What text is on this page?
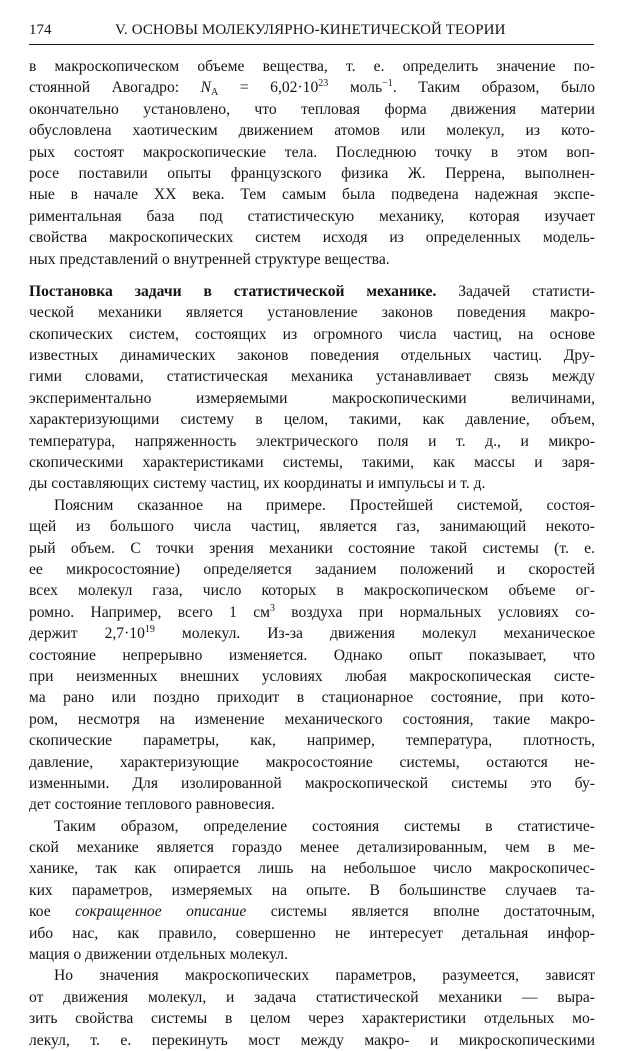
174	V. ОСНОВЫ МОЛЕКУЛЯРНО-КИНЕТИЧЕСКОЙ ТЕОРИИ
в макроскопическом объеме вещества, т. е. определить значение по-
стоянной Авогадро: $N_A = 6,02\cdot 10^{23}$ моль$^{-1}$. Таким образом, было
окончательно установлено, что тепловая форма движения материи
обусловлена хаотическим движением атомов или молекул, из кото-
рых состоят макроскопические тела. Последнюю точку в этом воп-
росе поставили опыты французского физика Ж. Перрена, выполнен-
ные в начале XX века. Тем самым была подведена надежная экспе-
риментальная база под статистическую механику, которая изучает
свойства макроскопических систем исходя из определенных модель-
ных представлений о внутренней структуре вещества.
Постановка задачи в статистической механике. Задачей статисти-
ческой механики является установление законов поведения макро-
скопических систем, состоящих из огромного числа частиц, на основе
известных динамических законов поведения отдельных частиц. Дру-
гими словами, статистическая механика устанавливает связь между
экспериментально измеряемыми макроскопическими величинами,
характеризующими систему в целом, такими, как давление, объем,
температура, напряженность электрического поля и т. д., и микро-
скопическими характеристиками системы, такими, как массы и заря-
ды составляющих систему частиц, их координаты и импульсы и т. д.
Поясним сказанное на примере. Простейшей системой, состоя-
щей из большого числа частиц, является газ, занимающий некото-
рый объем. С точки зрения механики состояние такой системы (т. е.
ее микросостояние) определяется заданием положений и скоростей
всех молекул газа, число которых в макроскопическом объеме ог-
ромно. Например, всего 1 $см^3$ воздуха при нормальных условиях со-
держит $2,7\cdot 10^{19}$ молекул. Из-за движения молекул механическое
состояние непрерывно изменяется. Однако опыт показывает, что
при неизменных внешних условиях любая макроскопическая систе-
ма рано или поздно приходит в стационарное состояние, при кото-
ром, несмотря на изменение механического состояния, такие макро-
скопические параметры, как, например, температура, плотность,
давление, характеризующие макросостояние системы, остаются не-
изменными. Для изолированной макроскопической системы это бу-
дет состояние теплового равновесия.
Таким образом, определение состояния системы в статистиче-
ской механике является гораздо менее детализированным, чем в ме-
ханике, так как опирается лишь на небольшое число макроскопичес-
ких параметров, измеряемых на опыте. В большинстве случаев та-
кое сокращенное описание системы является вполне достаточным,
ибо нас, как правило, совершенно не интересует детальная инфор-
мация о движении отдельных молекул.
Но значения макроскопических параметров, разумеется, зависят
от движения молекул, и задача статистической механики — выра-
зить свойства системы в целом через характеристики отдельных мо-
лекул, т. е. перекинуть мост между макро- и микроскопическими
